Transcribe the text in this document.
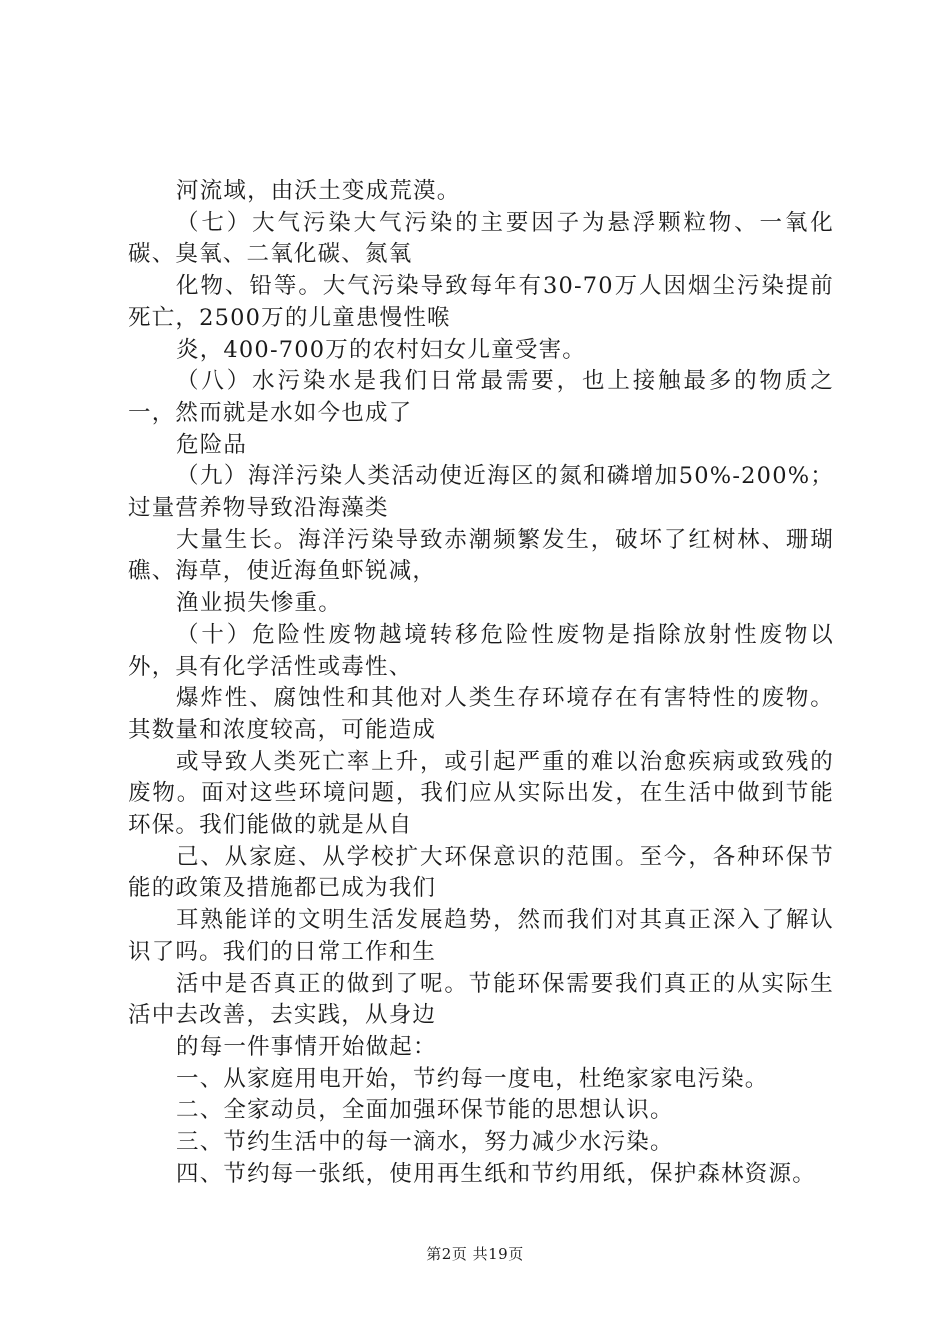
河流域，由沃土变成荒漠。

（七）大气污染大气污染的主要因子为悬浮颗粒物、一氧化碳、臭氧、二氧化碳、氮氧

化物、铅等。大气污染导致每年有30-70万人因烟尘污染提前死亡，2500万的儿童患慢性喉

炎，400-700万的农村妇女儿童受害。

（八）水污染水是我们日常最需要，也上接触最多的物质之一，然而就是水如今也成了

危险品

（九）海洋污染人类活动使近海区的氮和磷增加50%-200%；过量营养物导致沿海藻类

大量生长。海洋污染导致赤潮频繁发生，破坏了红树林、珊瑚礁、海草，使近海鱼虾锐减，

渔业损失惨重。

（十）危险性废物越境转移危险性废物是指除放射性废物以外，具有化学活性或毒性、

爆炸性、腐蚀性和其他对人类生存环境存在有害特性的废物。其数量和浓度较高，可能造成

或导致人类死亡率上升，或引起严重的难以治愈疾病或致残的废物。面对这些环境问题，我们应从实际出发，在生活中做到节能环保。我们能做的就是从自

己、从家庭、从学校扩大环保意识的范围。至今，各种环保节能的政策及措施都已成为我们

耳熟能详的文明生活发展趋势，然而我们对其真正深入了解认识了吗。我们的日常工作和生

活中是否真正的做到了呢。节能环保需要我们真正的从实际生活中去改善，去实践，从身边

的每一件事情开始做起：

一、从家庭用电开始，节约每一度电，杜绝家家电污染。

二、全家动员，全面加强环保节能的思想认识。

三、节约生活中的每一滴水，努力减少水污染。

四、节约每一张纸，使用再生纸和节约用纸，保护森林资源。

第2页 共19页
